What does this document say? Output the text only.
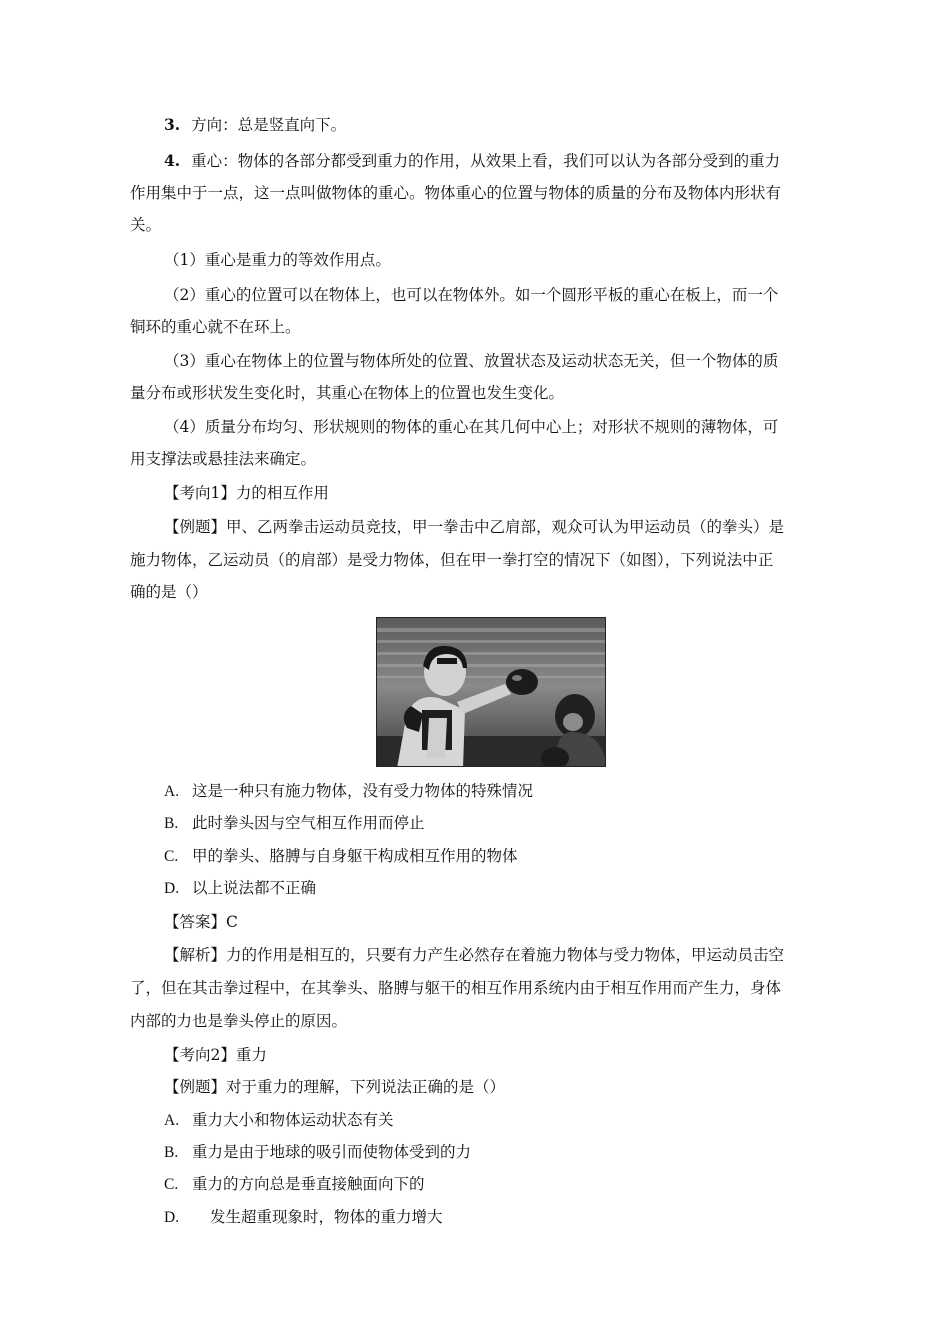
3. 方向：总是竖直向下。
4. 重心：物体的各部分都受到重力的作用，从效果上看，我们可以认为各部分受到的重力
作用集中于一点，这一点叫做物体的重心。物体重心的位置与物体的质量的分布及物体内形状有
关。
（1）重心是重力的等效作用点。
（2）重心的位置可以在物体上，也可以在物体外。如一个圆形平板的重心在板上，而一个
铜环的重心就不在环上。
（3）重心在物体上的位置与物体所处的位置、放置状态及运动状态无关，但一个物体的质
量分布或形状发生变化时，其重心在物体上的位置也发生变化。
（4）质量分布均匀、形状规则的物体的重心在其几何中心上；对形状不规则的薄物体，可
用支撑法或悬挂法来确定。
【考向1】力的相互作用
【例题】甲、乙两拳击运动员竞技，甲一拳击中乙肩部，观众可认为甲运动员（的拳头）是
施力物体，乙运动员（的肩部）是受力物体，但在甲一拳打空的情况下（如图），下列说法中正
确的是（）
A. 这是一种只有施力物体，没有受力物体的特殊情况
B. 此时拳头因与空气相互作用而停止
C. 甲的拳头、胳膊与自身躯干构成相互作用的物体
D. 以上说法都不正确
【答案】C
【解析】力的作用是相互的，只要有力产生必然存在着施力物体与受力物体，甲运动员击空
了，但在其击拳过程中，在其拳头、胳膊与躯干的相互作用系统内由于相互作用而产生力，身体
内部的力也是拳头停止的原因。
【考向2】重力
【例题】对于重力的理解，下列说法正确的是（）
A. 重力大小和物体运动状态有关
B. 重力是由于地球的吸引而使物体受到的力
C. 重力的方向总是垂直接触面向下的
D. 发生超重现象时，物体的重力增大
